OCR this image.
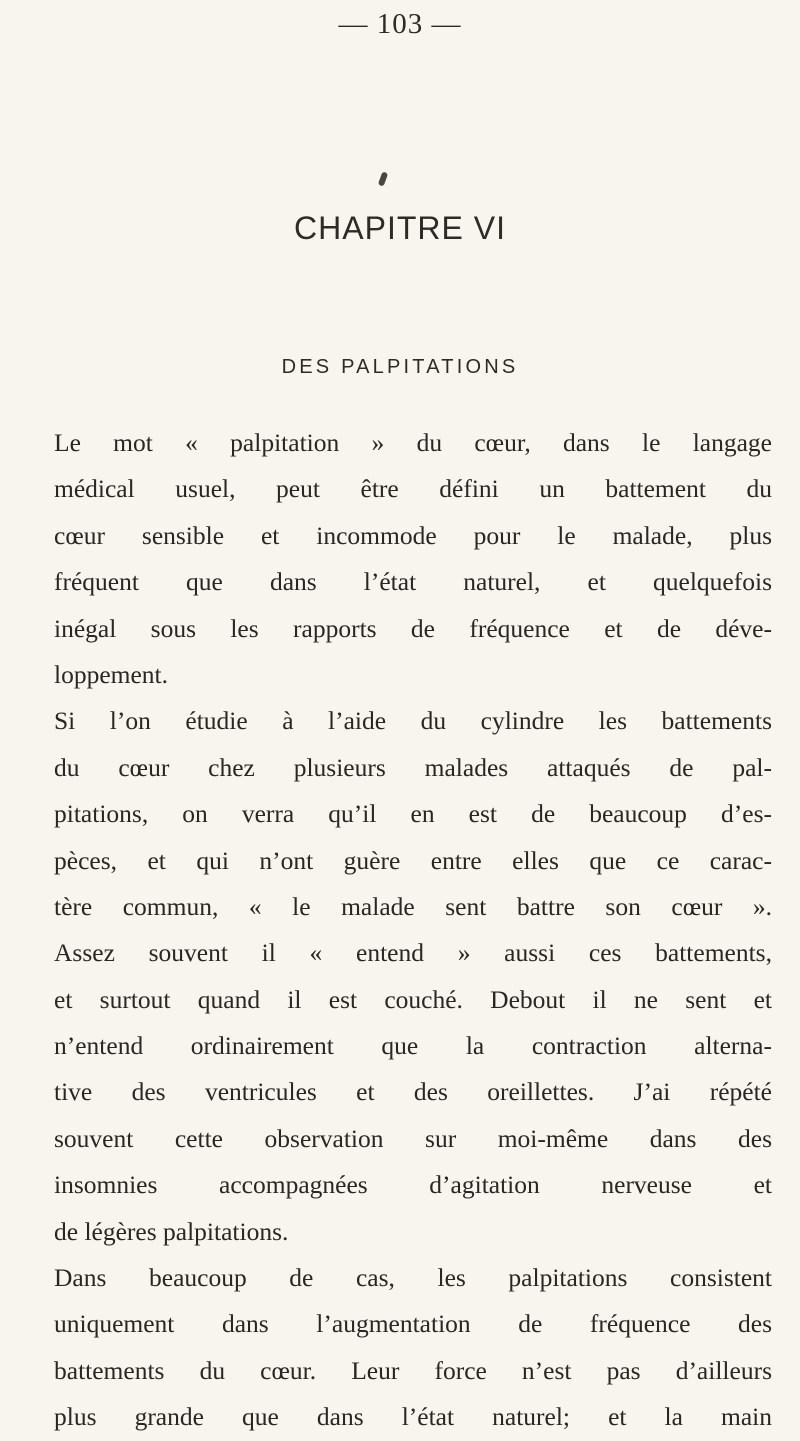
— 103 —
CHAPITRE VI
DES PALPITATIONS
Le mot « palpitation » du cœur, dans le langage
médical usuel, peut être défini un battement du
cœur sensible et incommode pour le malade, plus
fréquent que dans l’état naturel, et quelquefois
inégal sous les rapports de fréquence et de déve-
loppement.
Si l’on étudie à l’aide du cylindre les battements
du cœur chez plusieurs malades attaqués de pal-
pitations, on verra qu’il en est de beaucoup d’es-
pèces, et qui n’ont guère entre elles que ce carac-
tère commun, « le malade sent battre son cœur ».
Assez souvent il « entend » aussi ces battements,
et surtout quand il est couché. Debout il ne sent et
n’entend ordinairement que la contraction alterna-
tive des ventricules et des oreillettes. J’ai répété
souvent cette observation sur moi-même dans des
insomnies accompagnées d’agitation nerveuse et
de légères palpitations.
Dans beaucoup de cas, les palpitations consistent
uniquement dans l’augmentation de fréquence des
battements du cœur. Leur force n’est pas d’ailleurs
plus grande que dans l’état naturel; et la main
